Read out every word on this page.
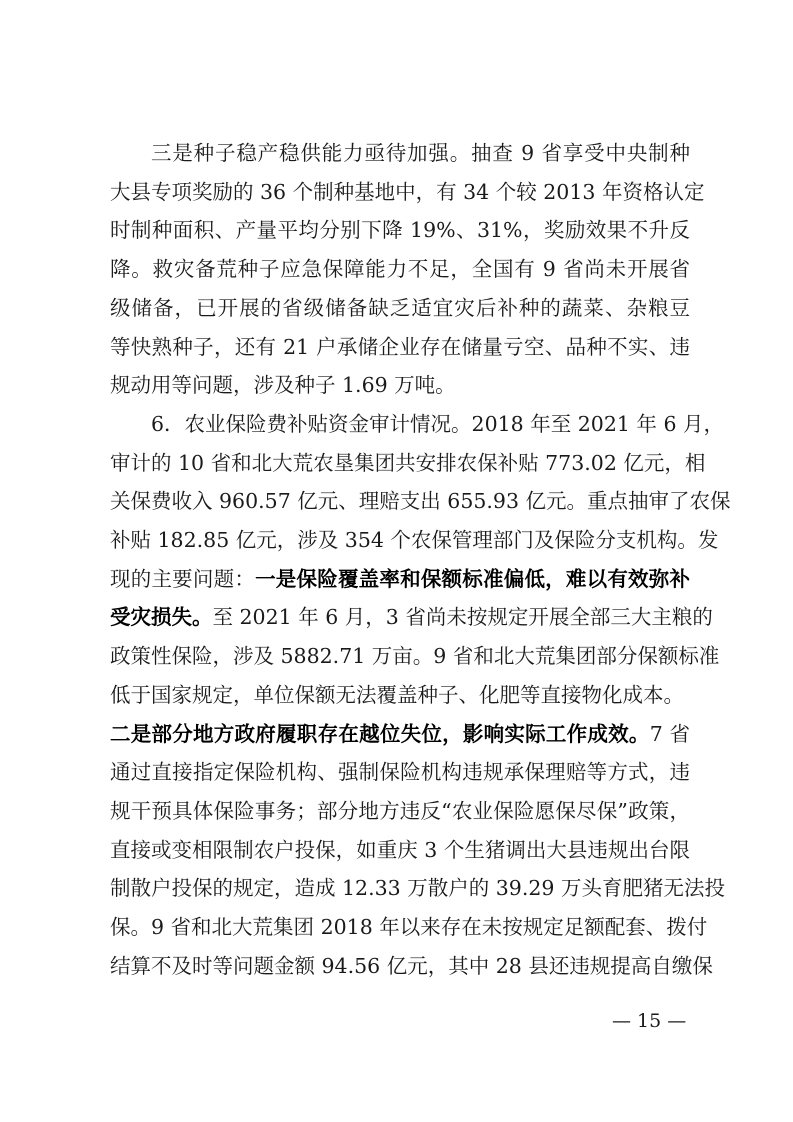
三是种子稳产稳供能力亟待加强。抽查 9 省享受中央制种
大县专项奖励的 36 个制种基地中，有 34 个较 2013 年资格认定
时制种面积、产量平均分别下降 19%、31%，奖励效果不升反
降。救灾备荒种子应急保障能力不足，全国有 9 省尚未开展省
级储备，已开展的省级储备缺乏适宜灾后补种的蔬菜、杂粮豆
等快熟种子，还有 21 户承储企业存在储量亏空、品种不实、违
规动用等问题，涉及种子 1.69 万吨。
6．农业保险费补贴资金审计情况。2018 年至 2021 年 6 月，
审计的 10 省和北大荒农垦集团共安排农保补贴 773.02 亿元，相
关保费收入 960.57 亿元、理赔支出 655.93 亿元。重点抽审了农保
补贴 182.85 亿元，涉及 354 个农保管理部门及保险分支机构。发
现的主要问题：一是保险覆盖率和保额标准偏低，难以有效弥补
受灾损失。至 2021 年 6 月，3 省尚未按规定开展全部三大主粮的
政策性保险，涉及 5882.71 万亩。9 省和北大荒集团部分保额标准
低于国家规定，单位保额无法覆盖种子、化肥等直接物化成本。
二是部分地方政府履职存在越位失位，影响实际工作成效。7 省
通过直接指定保险机构、强制保险机构违规承保理赔等方式，违
规干预具体保险事务；部分地方违反“农业保险愿保尽保”政策，
直接或变相限制农户投保，如重庆 3 个生猪调出大县违规出台限
制散户投保的规定，造成 12.33 万散户的 39.29 万头育肥猪无法投
保。9 省和北大荒集团 2018 年以来存在未按规定足额配套、拨付
结算不及时等问题金额 94.56 亿元，其中 28 县还违规提高自缴保
— 15 —
